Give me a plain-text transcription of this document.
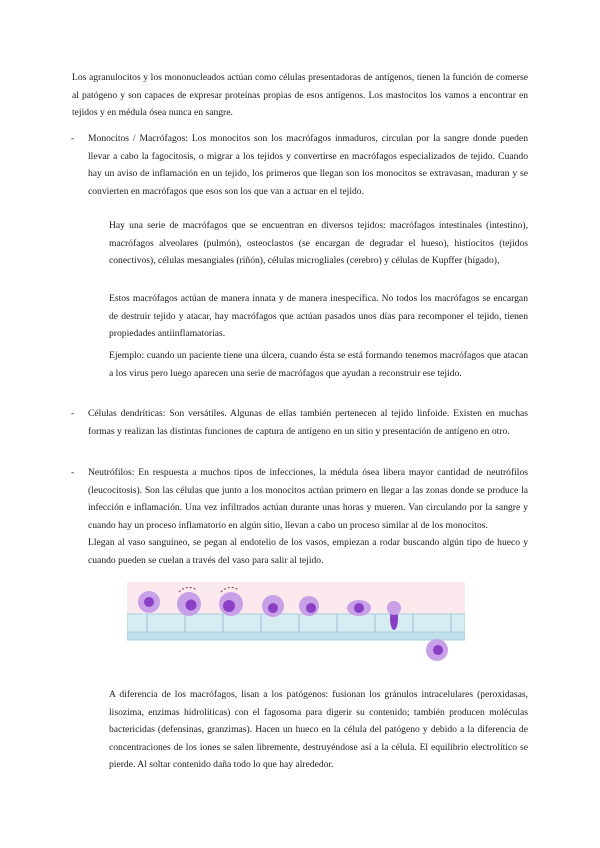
Los agranulocitos y los mononucleados actúan como células presentadoras de antígenos, tienen la función de comerse al patógeno y son capaces de expresar proteínas propias de esos antígenos. Los mastocitos los vamos a encontrar en tejidos y en médula ósea nunca en sangre.

- Monocitos / Macrófagos: Los monocitos son los macrófagos inmaduros, circulan por la sangre donde pueden llevar a cabo la fagocitosis, o migrar a los tejidos y convertirse en macrófagos especializados de tejido. Cuando hay un aviso de inflamación en un tejido, los primeros que llegan son los monocitos se extravasan, maduran y se convierten en macrófagos que esos son los que van a actuar en el tejido.

Hay una serie de macrófagos que se encuentran en diversos tejidos: macrófagos intestinales (intestino), macrófagos alveolares (pulmón), osteoclastos (se encargan de degradar el hueso), histiocitos (tejidos conectivos), células mesangiales (riñón), células microgliales (cerebro) y células de Kupffer (hígado),

Estos macrófagos actúan de manera innata y de manera inespecífica. No todos los macrófagos se encargan de destruir tejido y atacar, hay macrófagos que actúan pasados unos días para recomponer el tejido, tienen propiedades antiinflamatorias.

Ejemplo: cuando un paciente tiene una úlcera, cuando ésta se está formando tenemos macrófagos que atacan a los virus pero luego aparecen una serie de macrófagos que ayudan a reconstruir ese tejido.

- Células dendríticas: Son versátiles. Algunas de ellas también pertenecen al tejido linfoide. Existen en muchas formas y realizan las distintas funciones de captura de antígeno en un sitio y presentación de antígeno en otro.

- Neutrófilos: En respuesta a muchos tipos de infecciones, la médula ósea libera mayor cantidad de neutrófilos (leucocitosis). Son las células que junto a los monocitos actúan primero en llegar a las zonas donde se produce la infección e inflamación. Una vez infiltrados actúan durante unas horas y mueren. Van circulando por la sangre y cuando hay un proceso inflamatorio en algún sitio, llevan a cabo un proceso similar al de los monocitos.

Llegan al vaso sanguíneo, se pegan al endotelio de los vasos, empiezan a rodar buscando algún tipo de hueco y cuando pueden se cuelan a través del vaso para salir al tejido.

A diferencia de los macrófagos, lisan a los patógenos: fusionan los gránulos intracelulares (peroxidasas, lisozima, enzimas hidrolíticas) con el fagosoma para digerir su contenido; también producen moléculas bactericidas (defensinas, granzimas). Hacen un hueco en la célula del patógeno y debido a la diferencia de concentraciones de los iones se salen libremente, destruyéndose así a la célula. El equilibrio electrolítico se pierde. Al soltar contenido daña todo lo que hay alrededor.
